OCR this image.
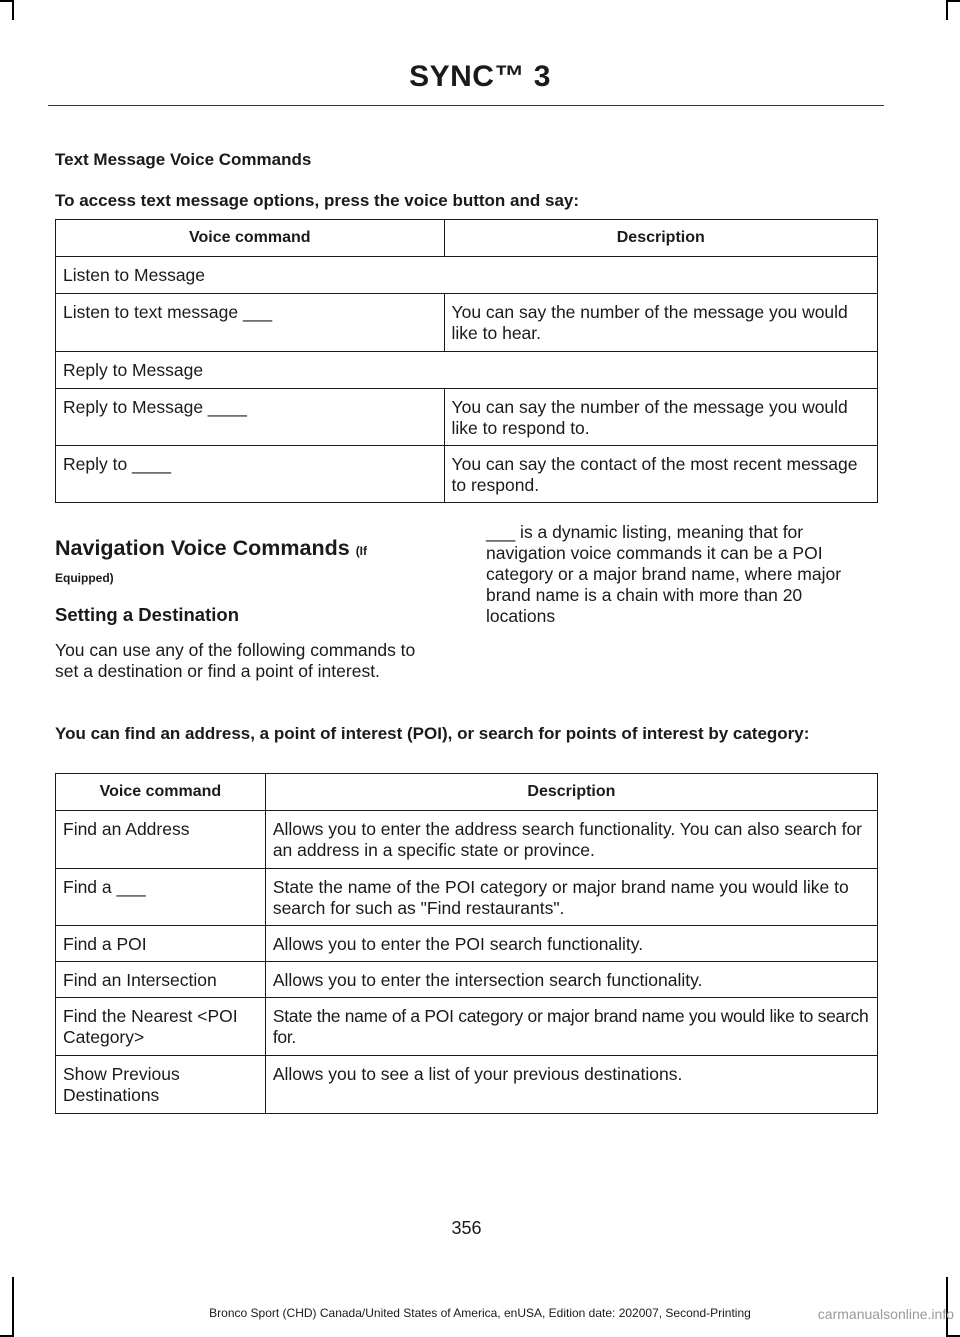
SYNC™ 3
Text Message Voice Commands
To access text message options, press the voice button and say:
Voice command	Description
Listen to Message	
Listen to text message ___	You can say the number of the message you would like to hear.
Reply to Message	
Reply to Message ____	You can say the number of the message you would like to respond to.
Reply to ____	You can say the contact of the most recent message to respond.
Navigation Voice Commands (If
Equipped)
Setting a Destination
You can use any of the following commands to set a destination or find a point of interest.
___ is a dynamic listing, meaning that for navigation voice commands it can be a POI category or a major brand name, where major brand name is a chain with more than 20 locations
You can find an address, a point of interest (POI), or search for points of interest by category:
Voice command	Description
Find an Address	Allows you to enter the address search functionality. You can also search for an address in a specific state or province.
Find a ___	State the name of the POI category or major brand name you would like to search for such as "Find restaurants".
Find a POI	Allows you to enter the POI search functionality.
Find an Intersection	Allows you to enter the intersection search functionality.
Find the Nearest <POI Category>	State the name of a POI category or major brand name you would like to search for.
Show Previous Destinations	Allows you to see a list of your previous destinations.
356
Bronco Sport (CHD) Canada/United States of America, enUSA, Edition date: 202007, Second-Printing	carmanualsonline.info
